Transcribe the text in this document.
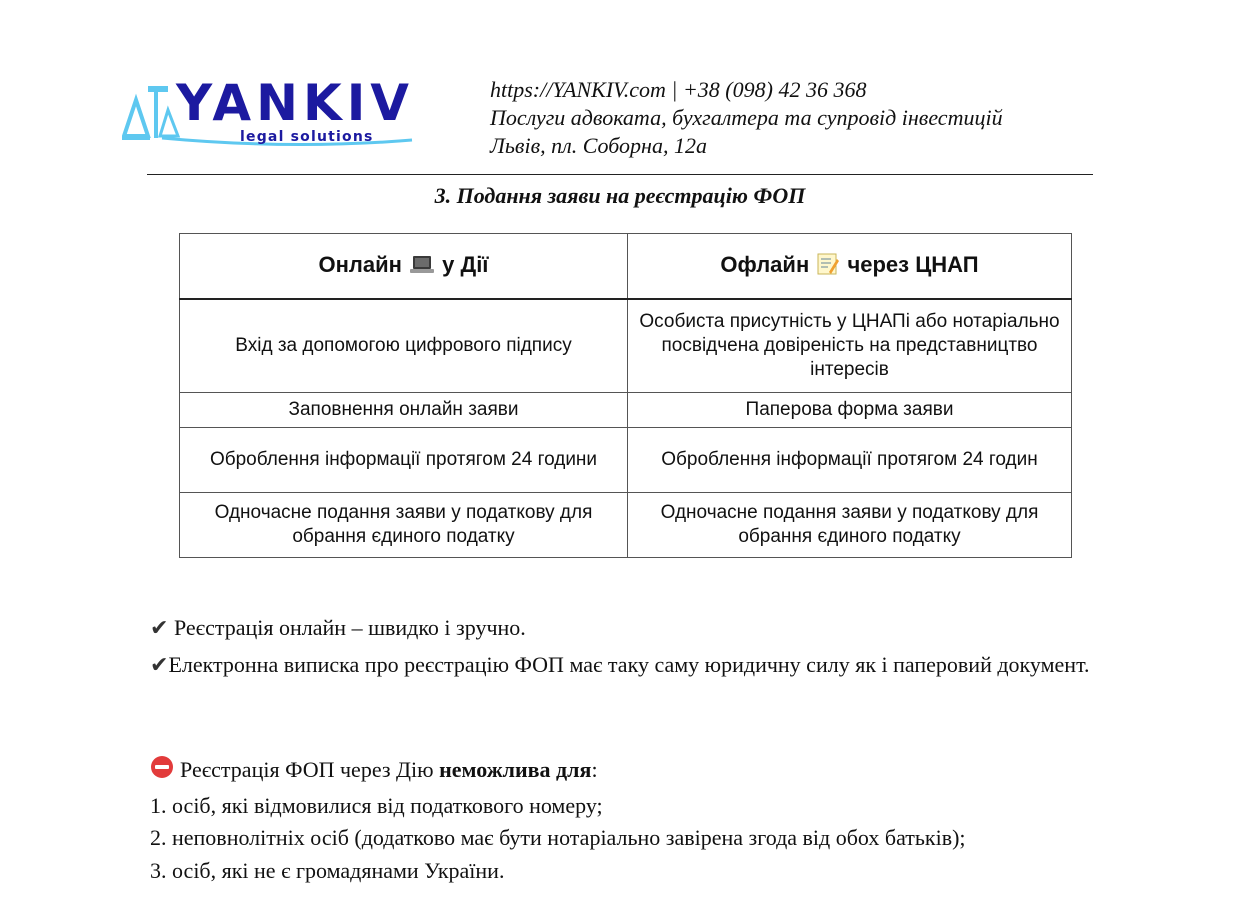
YANKIV
legal solutions
https://YANKIV.com | +38 (098) 42 36 368
Послуги адвоката, бухгалтера та супровід інвестицій
Львів, пл. Соборна, 12а
3. Подання заяви на реєстрацію ФОП
Онлайн у Дії	Офлайн через ЦНАП
Вхід за допомогою цифрового підпису	Особиста присутність у ЦНАПі або нотаріально посвідчена довіреність на представництво інтересів
Заповнення онлайн заяви	Паперова форма заяви
Оброблення інформації протягом 24 години	Оброблення інформації протягом 24 годин
Одночасне подання заяви у податкову для обрання єдиного податку	Одночасне подання заяви у податкову для обрання єдиного податку
✔ Реєстрація онлайн – швидко і зручно.
✔Електронна виписка про реєстрацію ФОП має таку саму юридичну силу як і паперовий документ.
Реєстрація ФОП через Дію неможлива для:
1. осіб, які відмовилися від податкового номеру;
2. неповнолітніх осіб (додатково має бути нотаріально завірена згода від обох батьків);
3. осіб, які не є громадянами України.
